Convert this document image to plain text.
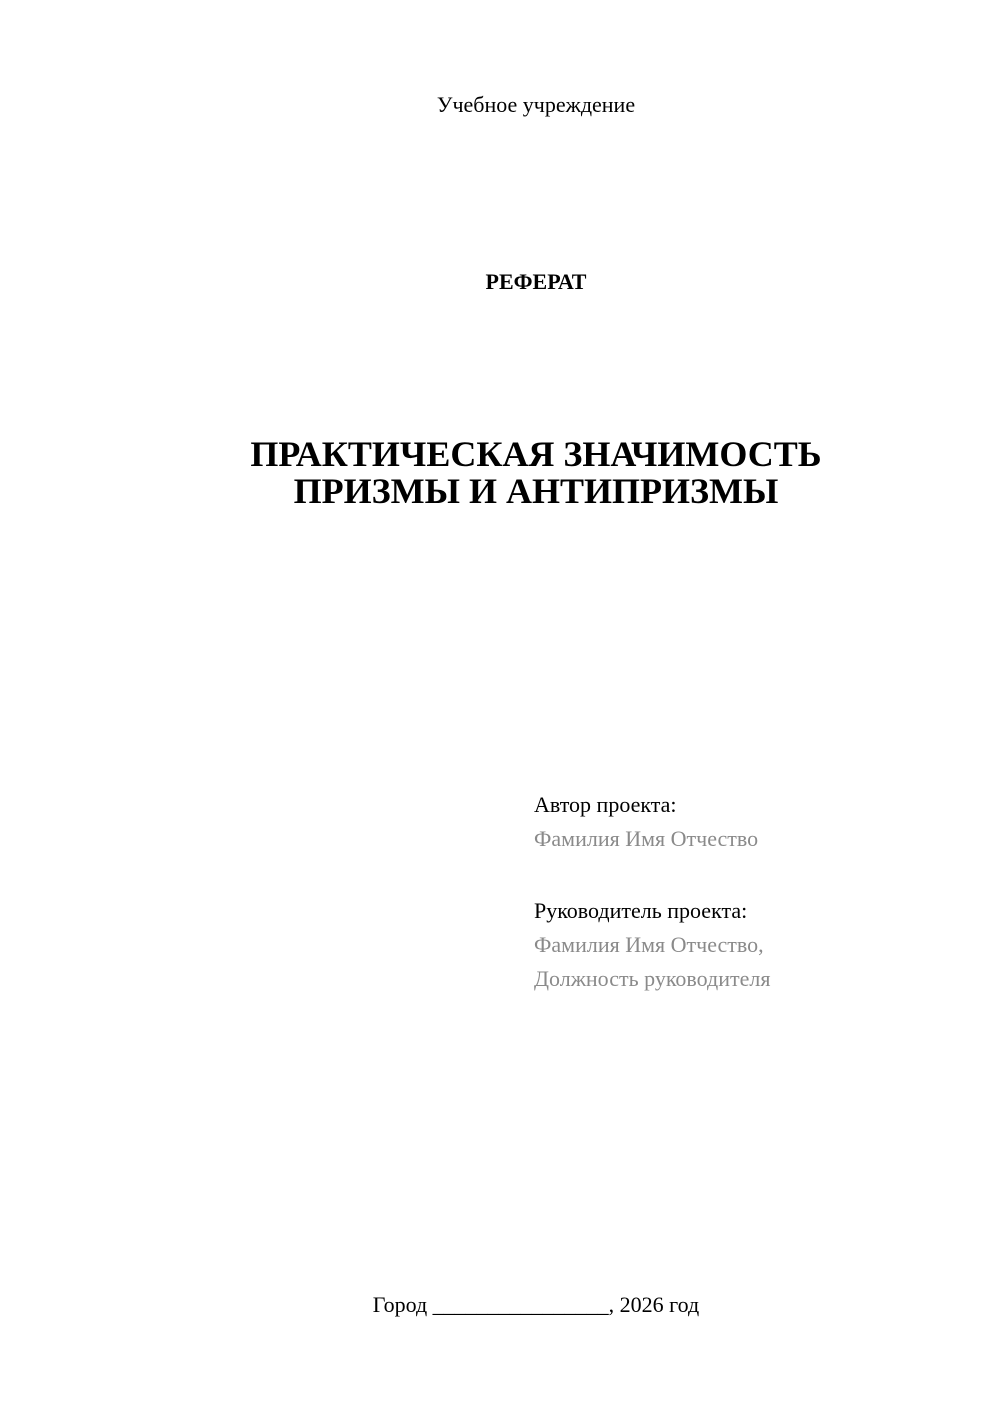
Учебное учреждение
РЕФЕРАТ
ПРАКТИЧЕСКАЯ ЗНАЧИМОСТЬ
ПРИЗМЫ И АНТИПРИЗМЫ
Автор проекта:
Фамилия Имя Отчество
Руководитель проекта:
Фамилия Имя Отчество,
Должность руководителя
Город ________________, 2026 год
